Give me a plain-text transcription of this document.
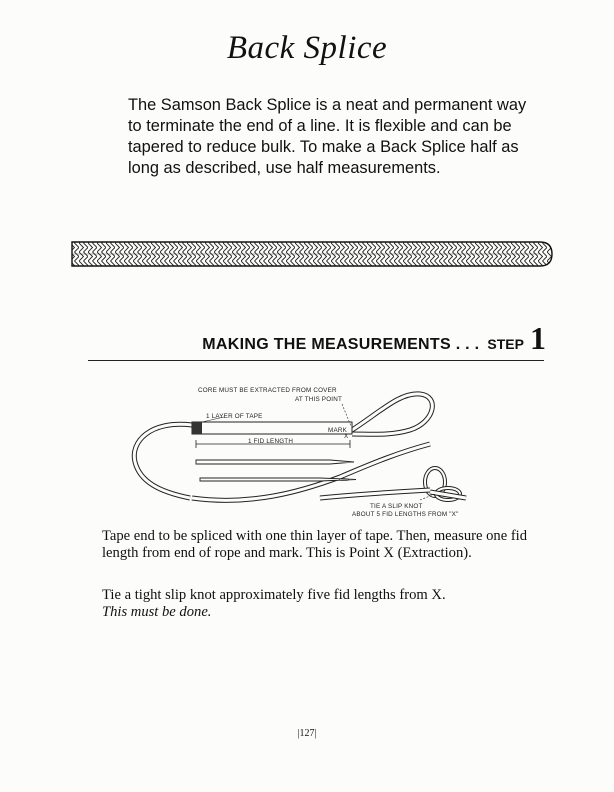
Back Splice

The Samson Back Splice is a neat and permanent way to terminate the end of a line. It is flexible and can be tapered to reduce bulk. To make a Back Splice half as long as described, use half measurements.

MAKING THE MEASUREMENTS . . . STEP 1
CORE MUST BE EXTRACTED FROM COVER
AT THIS POINT
1 LAYER OF TAPE
MARK
X
1 FID LENGTH
TIE A SLIP KNOT
ABOUT 5 FID LENGTHS FROM "X"

Tape end to be spliced with one thin layer of tape. Then, measure one fid length from end of rope and mark. This is Point X (Extraction).

Tie a tight slip knot approximately five fid lengths from X.
This must be done.

|127|
